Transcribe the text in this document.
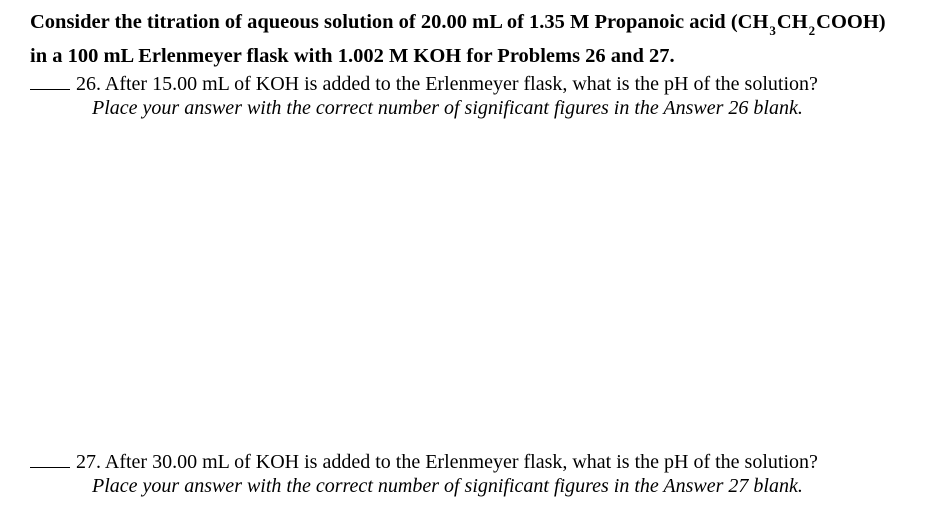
Consider the titration of aqueous solution of 20.00 mL of 1.35 M Propanoic acid $(CH_3CH_2COOH)$
in a 100 mL Erlenmeyer flask with 1.002 M KOH for Problems 26 and 27.
26. After 15.00 mL of KOH is added to the Erlenmeyer flask, what is the pH of the solution?
Place your answer with the correct number of significant figures in the Answer 26 blank.
27. After 30.00 mL of KOH is added to the Erlenmeyer flask, what is the pH of the solution?
Place your answer with the correct number of significant figures in the Answer 27 blank.
